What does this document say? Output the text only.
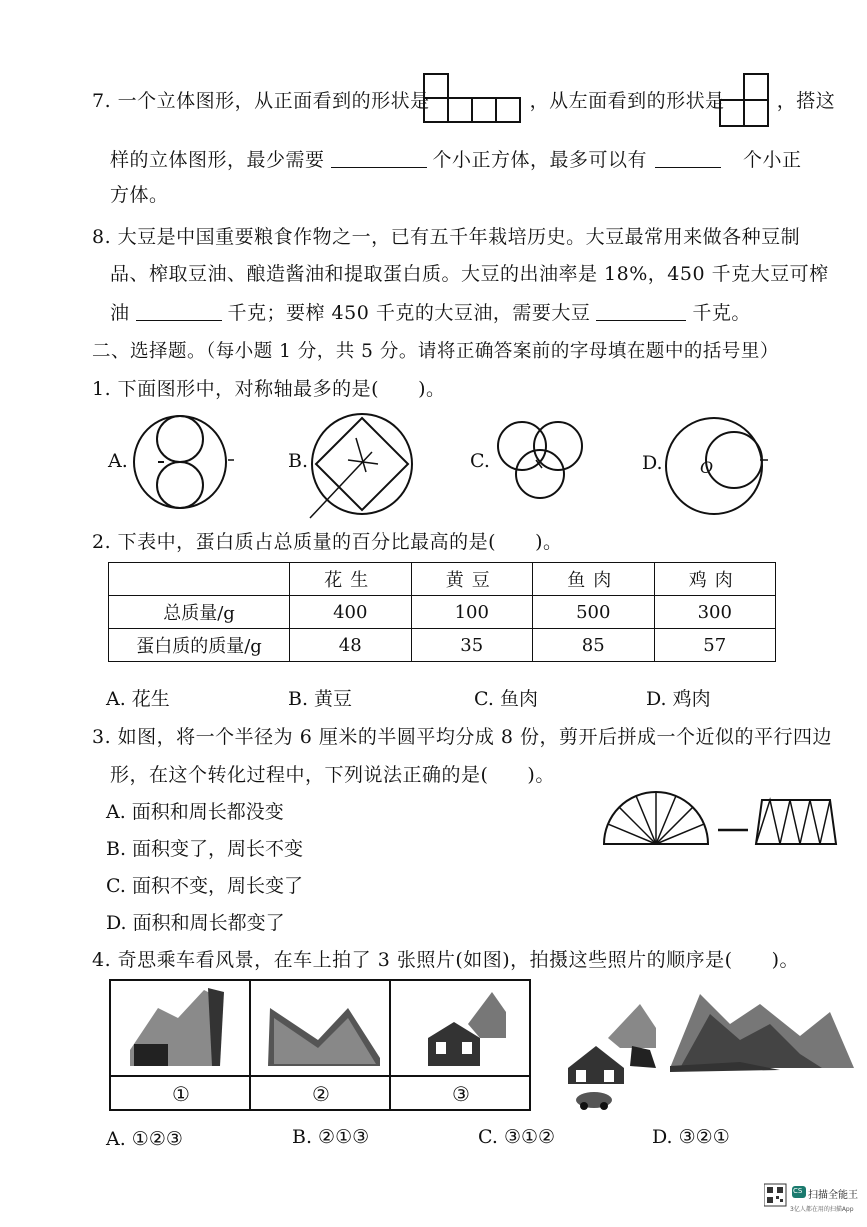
7. 一个立体图形，从正面看到的形状是	，从左面看到的形状是	，搭这
样的立体图形，最少需要	个小正方体，最多可以有	个小正
方体。
8. 大豆是中国重要粮食作物之一，已有五千年栽培历史。大豆最常用来做各种豆制
品、榨取豆油、酿造酱油和提取蛋白质。大豆的出油率是 18%，450 千克大豆可榨
油	千克；要榨 450 千克的大豆油，需要大豆	千克。
二、选择题。（每小题 1 分，共 5 分。请将正确答案前的字母填在题中的括号里）
1. 下面图形中，对称轴最多的是(　　)。
A.	B.	C.	D. O
2. 下表中，蛋白质占总质量的百分比最高的是(　　)。
	花生	黄豆	鱼肉	鸡肉
总质量/g	400	100	500	300
蛋白质的质量/g	48	35	85	57
A. 花生	B. 黄豆	C. 鱼肉	D. 鸡肉
3. 如图，将一个半径为 6 厘米的半圆平均分成 8 份，剪开后拼成一个近似的平行四边
形，在这个转化过程中，下列说法正确的是(　　)。
A. 面积和周长都没变
B. 面积变了，周长不变
C. 面积不变，周长变了
D. 面积和周长都变了
4. 奇思乘车看风景，在车上拍了 3 张照片(如图)，拍摄这些照片的顺序是(　　)。
①	②	③
A. ①②③	B. ②①③	C. ③①②	D. ③②①
CS 扫描全能王
3亿人都在用的扫描App
